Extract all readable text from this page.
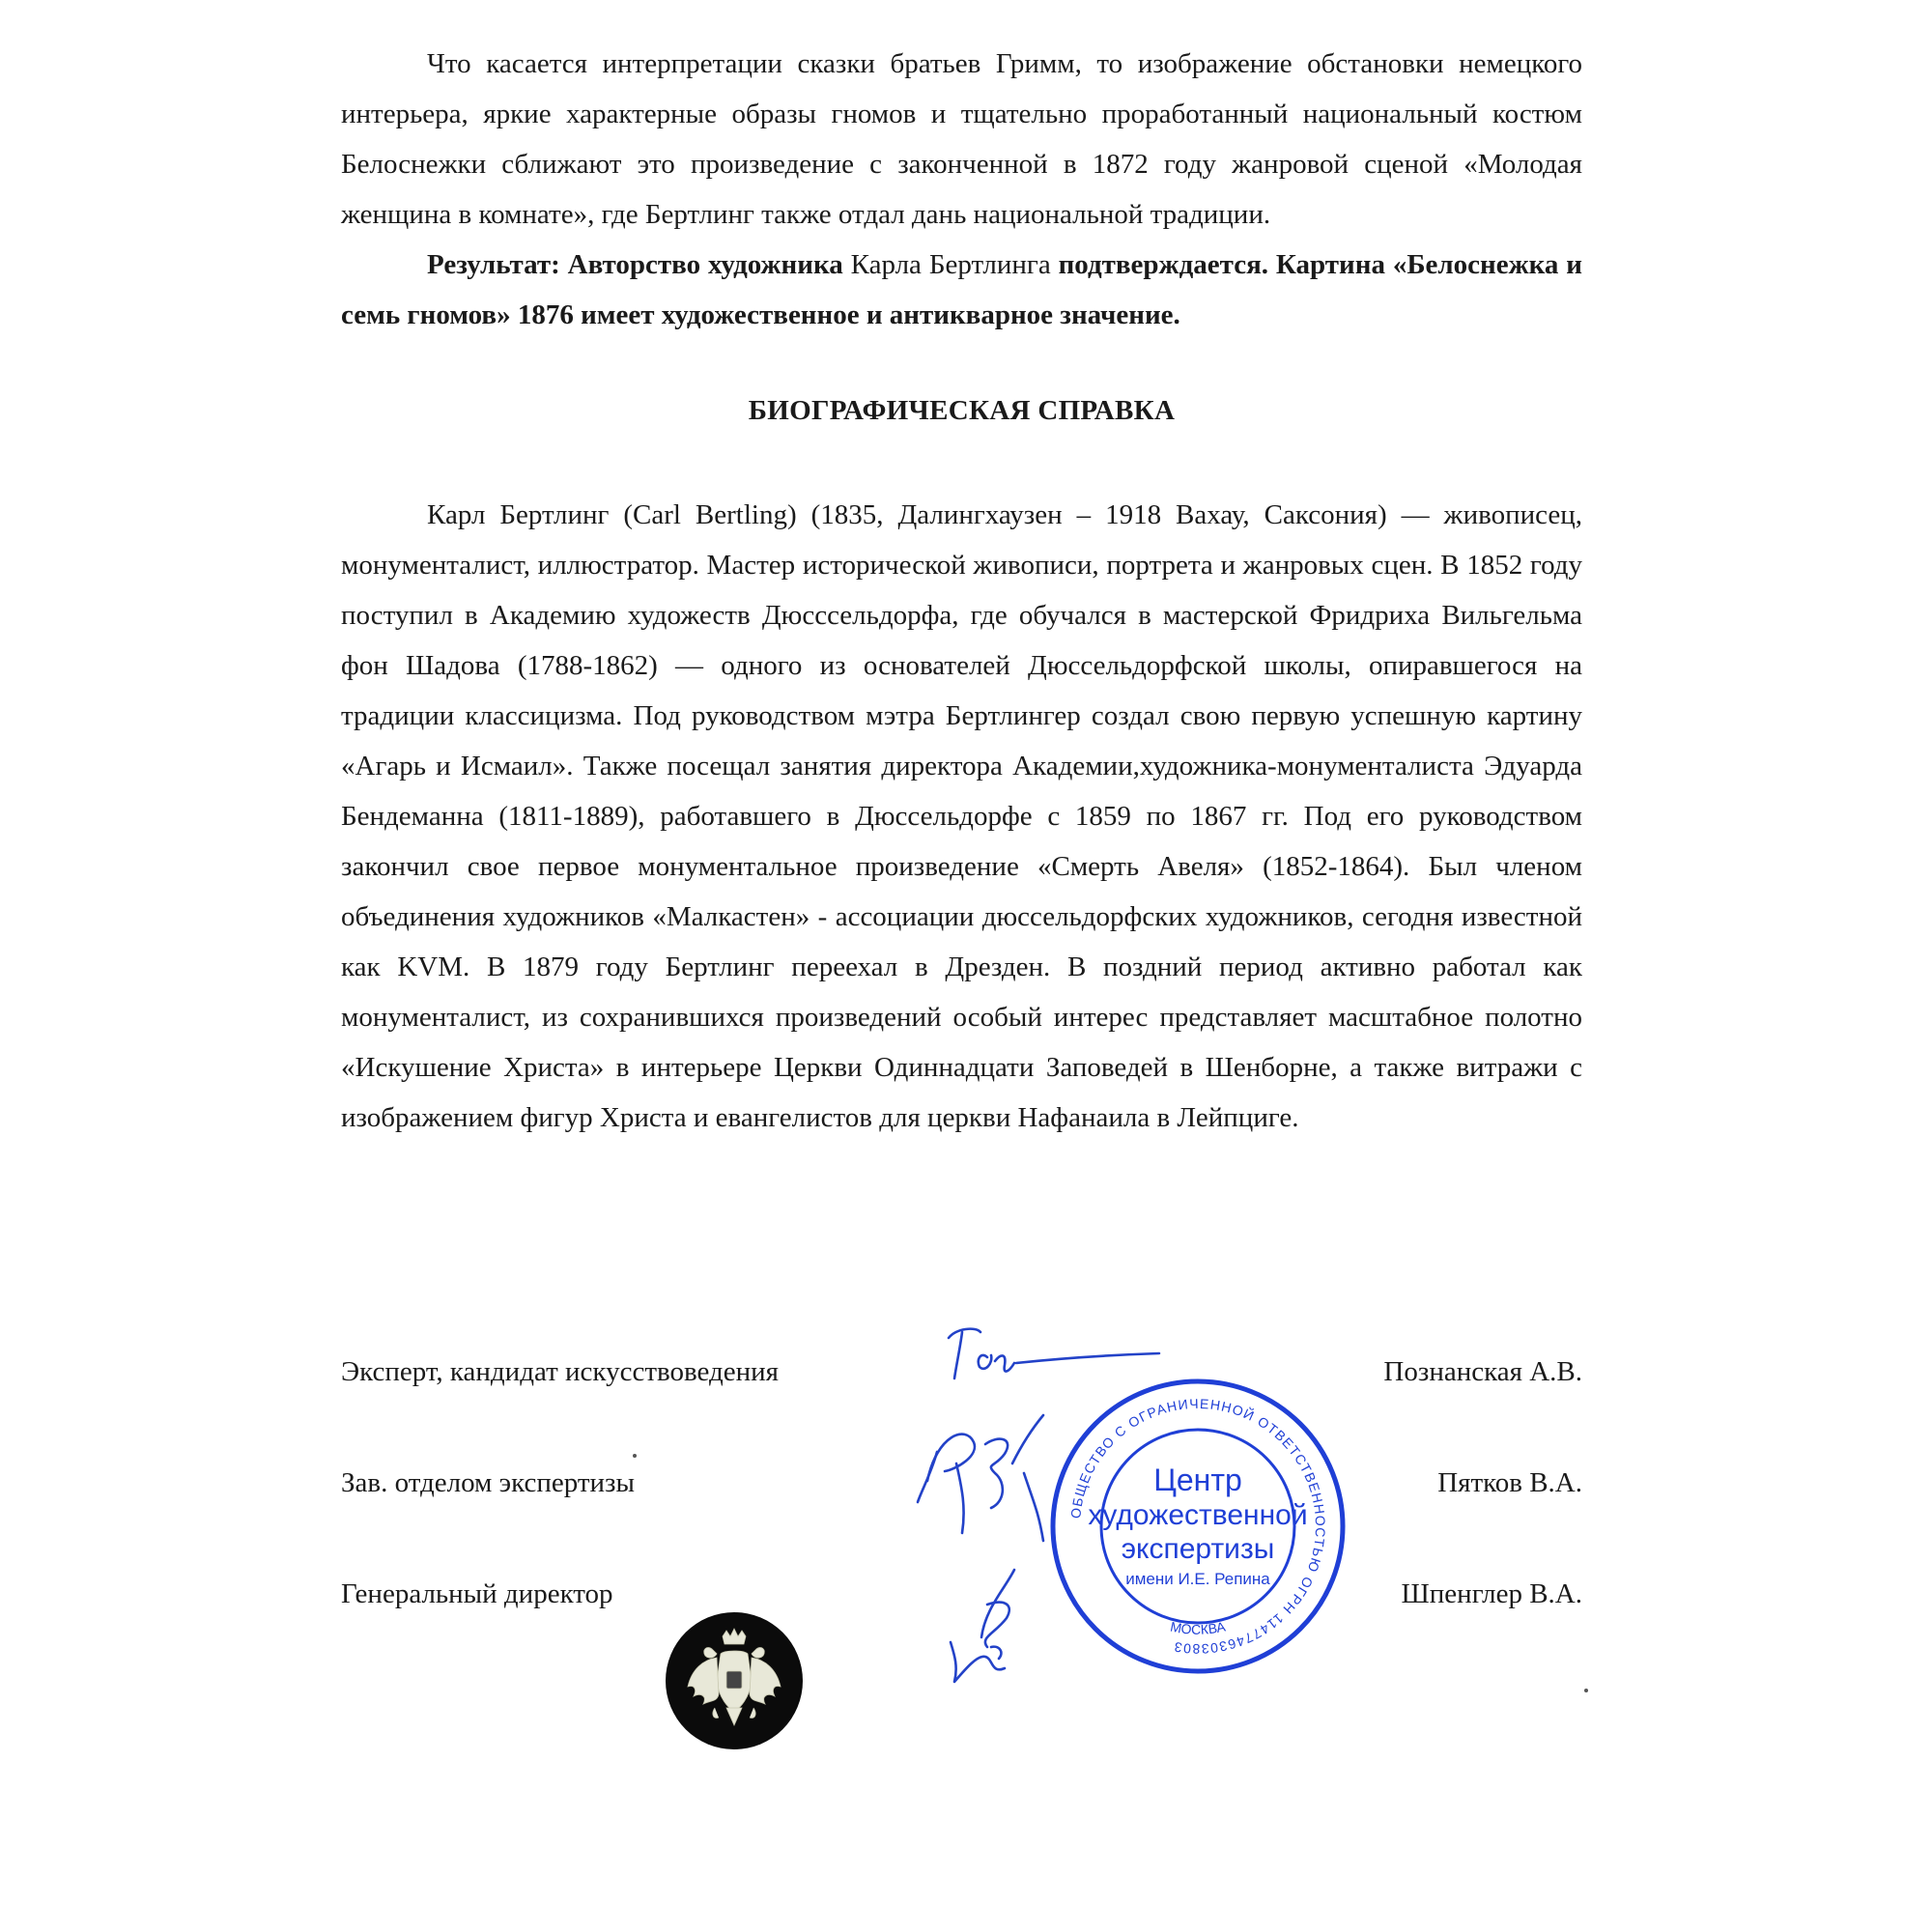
Что касается интерпретации сказки братьев Гримм, то изображение обстановки немецкого интерьера, яркие характерные образы гномов и тщательно проработанный национальный костюм Белоснежки сближают это произведение с законченной в 1872 году жанровой сценой «Молодая женщина в комнате», где Бертлинг также отдал дань национальной традиции.

Результат: Авторство художника Карла Бертлинга подтверждается. Картина «Белоснежка и семь гномов» 1876 имеет художественное и антикварное значение.

БИОГРАФИЧЕСКАЯ СПРАВКА

Карл Бертлинг (Carl Bertling) (1835, Далингхаузен – 1918 Вахау, Саксония) — живописец, монументалист, иллюстратор. Мастер исторической живописи, портрета и жанровых сцен. В 1852 году поступил в Академию художеств Дюсссельдорфа, где обучался в мастерской Фридриха Вильгельма фон Шадова (1788-1862) — одного из основателей Дюссельдорфской школы, опиравшегося на традиции классицизма. Под руководством мэтра Бертлингер создал свою первую успешную картину «Агарь и Исмаил». Также посещал занятия директора Академии,художника-монументалиста Эдуарда Бендеманна (1811-1889), работавшего в Дюссельдорфе с 1859 по 1867 гг. Под его руководством закончил свое первое монументальное произведение «Смерть Авеля» (1852-1864). Был членом объединения художников «Малкастен» - ассоциации дюссельдорфских художников, сегодня известной как KVM. В 1879 году Бертлинг переехал в Дрезден. В поздний период активно работал как монументалист, из сохранившихся произведений особый интерес представляет масштабное полотно «Искушение Христа» в интерьере Церкви Одиннадцати Заповедей в Шенборне, а также витражи с изображением фигур Христа и евангелистов для церкви Нафанаила в Лейпциге.

Эксперт, кандидат искусствоведения	Познанская А.В.
Зав. отделом экспертизы	Пятков В.А.
Генеральный директор	Шпенглер В.А.
ОБЩЕСТВО С ОГРАНИЧЕННОЙ ОТВЕТСТВЕННОСТЬЮ ОГРН 1147746303803
МОСКВА
Центр
художественной
экспертизы
имени И.Е. Репина
